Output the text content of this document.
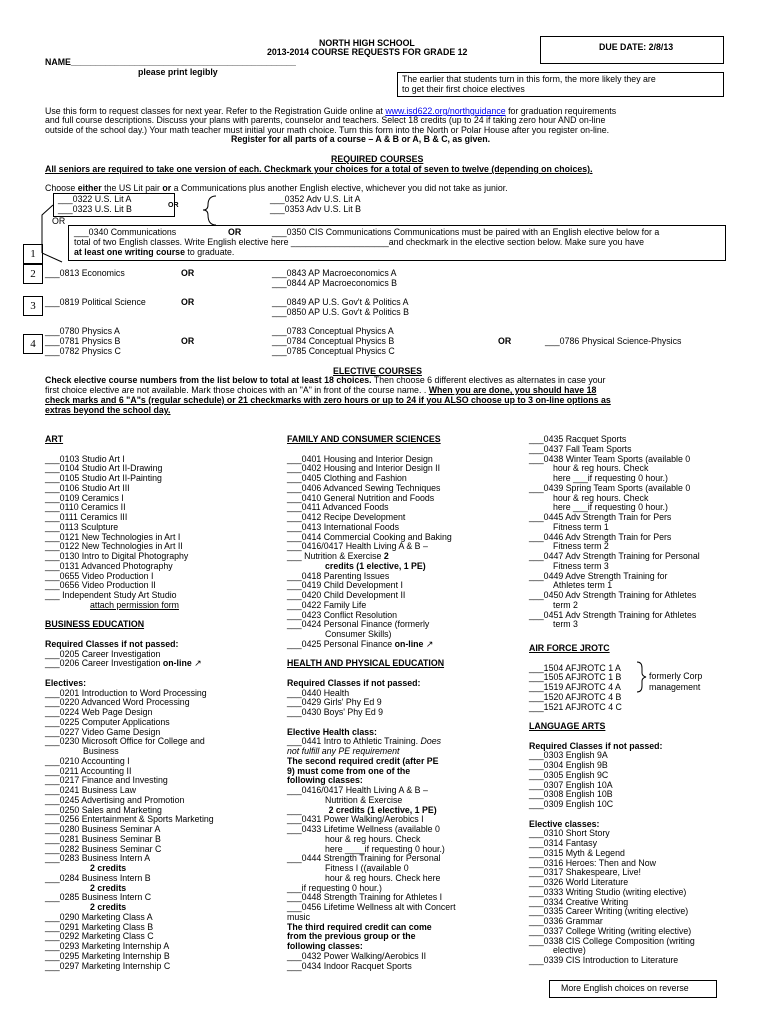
NORTH HIGH SCHOOL
2013-2014 COURSE REQUESTS FOR GRADE 12	DUE DATE: 2/8/13
NAME______________________________________________
please print legibly
The earlier that students turn in this form, the more likely they are
to get their first choice electives
Use this form to request classes for next year. Refer to the Registration Guide online at www.isd622.org/northguidance for graduation requirements
and full course descriptions. Discuss your plans with parents, counselor and teachers. Select 18 credits (up to 24 if taking zero hour AND on-line
outside of the school day.) Your math teacher must initial your math choice. Turn this form into the North or Polar House after you register on-line.
Register for all parts of a course – A & B or A, B & C, as given.
REQUIRED COURSES
All seniors are required to take one version of each. Checkmark your choices for a total of seven to twelve (depending on choices).
Choose either the US Lit pair or a Communications plus another English elective, whichever you did not take as junior.
1
___0322 U.S. Lit A
___0323 U.S. Lit B	OR
___0352 Adv U.S. Lit A
___0353 Adv U.S. Lit B
OR
___0340 Communications	OR	___0350 CIS Communications Communications must be paired with an English elective below for a
total of two English classes. Write English elective here ____________________and checkmark in the elective section below. Make sure you have
at least one writing course to graduate.
2	___0813 Economics	OR	___0843 AP Macroeconomics A
___0844 AP Macroeconomics B
3	___0819 Political Science	OR	___0849 AP U.S. Gov't & Politics A
___0850 AP U.S. Gov't & Politics B
4
___0780 Physics A
___0781 Physics B
___0782 Physics C
OR
___0783 Conceptual Physics A
___0784 Conceptual Physics B
___0785 Conceptual Physics C
OR	___0786 Physical Science-Physics
ELECTIVE COURSES
Check elective course numbers from the list below to total at least 18 choices. Then choose 6 different electives as alternates in case your
first choice elective are not available. Mark those choices with an "A" in front of the course name. . When you are done, you should have 18
check marks and 6 "A"s (regular schedule) or 21 checkmarks with zero hours or up to 24 if you ALSO choose up to 3 on-line options as
extras beyond the school day.
ART
___0103 Studio Art I
___0104 Studio Art II-Drawing
___0105 Studio Art II-Painting
___0106 Studio Art III
___0109 Ceramics I
___0110 Ceramics II
___0111 Ceramics III
___0113 Sculpture
___0121 New Technologies in Art I
___0122 New Technologies in Art II
___0130 Intro to Digital Photography
___0131 Advanced Photography
___0655 Video Production I
___0656 Video Production II
___ Independent Study Art Studio
attach permission form
BUSINESS EDUCATION
Required Classes if not passed:
___0205 Career Investigation
___0206 Career Investigation on-line ↗
Electives:
___0201 Introduction to Word Processing
___0220 Advanced Word Processing
___0224 Web Page Design
___0225 Computer Applications
___0227 Video Game Design
___0230 Microsoft Office for College and
Business
___0210 Accounting I
___0211 Accounting II
___0217 Finance and Investing
___0241 Business Law
___0245 Advertising and Promotion
___0250 Sales and Marketing
___0256 Entertainment & Sports Marketing
___0280 Business Seminar A
___0281 Business Seminar B
___0282 Business Seminar C
___0283 Business Intern A
2 credits
___0284 Business Intern B
2 credits
___0285 Business Intern C
2 credits
___0290 Marketing Class A
___0291 Marketing Class B
___0292 Marketing Class C
___0293 Marketing Internship A
___0295 Marketing Internship B
___0297 Marketing Internship C
FAMILY AND CONSUMER SCIENCES
___0401 Housing and Interior Design
___0402 Housing and Interior Design II
___0405 Clothing and Fashion
___0406 Advanced Sewing Techniques
___0410 General Nutrition and Foods
___0411 Advanced Foods
___0412 Recipe Development
___0413 International Foods
___0414 Commercial Cooking and Baking
___0416/0417 Health Living A & B –
___ Nutrition & Exercise 2
credits (1 elective, 1 PE)
___0418 Parenting Issues
___0419 Child Development I
___0420 Child Development II
___0422 Family Life
___0423 Conflict Resolution
___0424 Personal Finance (formerly
Consumer Skills)
___0425 Personal Finance on-line ↗
HEALTH AND PHYSICAL EDUCATION
Required Classes if not passed:
___0440 Health
___0429 Girls' Phy Ed 9
___0430 Boys' Phy Ed 9
Elective Health class:
___0441 Intro to Athletic Training. Does
not fulfill any PE requirement
The second required credit (after PE
9) must come from one of the
following classes:
___0416/0417 Health Living A & B –
Nutrition & Exercise
___           2 credits (1 elective, 1 PE)
___0431 Power Walking/Aerobics I
___0433 Lifetime Wellness (available 0
hour & reg hours. Check
here ____if requesting 0 hour.)
___0444 Strength Training for Personal
Fitness I ((available 0
hour & reg hours. Check here
___if requesting 0 hour.)
___0448 Strength Training for Athletes I
___0456 Lifetime Wellness alt with Concert
music
The third required credit can come
from the previous group or the
following classes:
___0432 Power Walking/Aerobics II
___0434 Indoor Racquet Sports
___0435 Racquet Sports
___0437 Fall Team Sports
___0438 Winter Team Sports (available 0
hour & reg hours. Check
here ___if requesting 0 hour.)
___0439 Spring Team Sports (available 0
hour & reg hours. Check
here ___if requesting 0 hour.)
___0445 Adv Strength Train for Pers
Fitness term 1
___0446 Adv Strength Train for Pers
Fitness term 2
___0447 Adv Strength Training for Personal
Fitness term 3
___0449 Adve Strength Training for
Athletes term 1
___0450 Adv Strength Training for Athletes
term 2
___0451 Adv Strength Training for Athletes
term 3
AIR FORCE JROTC
___1504 AFJROTC 1 A
___1505 AFJROTC 1 B
___1519 AFJROTC 4 A
___1520 AFJROTC 4 B
___1521 AFJROTC 4 C
LANGUAGE ARTS
Required Classes if not passed:
___0303 English 9A
___0304 English 9B
___0305 English 9C
___0307 English 10A
___0308 English 10B
___0309 English 10C
Elective classes:
___0310 Short Story
___0314 Fantasy
___0315 Myth & Legend
___0316 Heroes: Then and Now
___0317 Shakespeare, Live!
___0326 World Literature
___0333 Writing Studio (writing elective)
___0334 Creative Writing
___0335 Career Writing (writing elective)
___0336 Grammar
___0337 College Writing (writing elective)
___0338 CIS College Composition (writing
elective)
___0339 CIS Introduction to Literature
formerly Corp
management
More English choices on reverse
